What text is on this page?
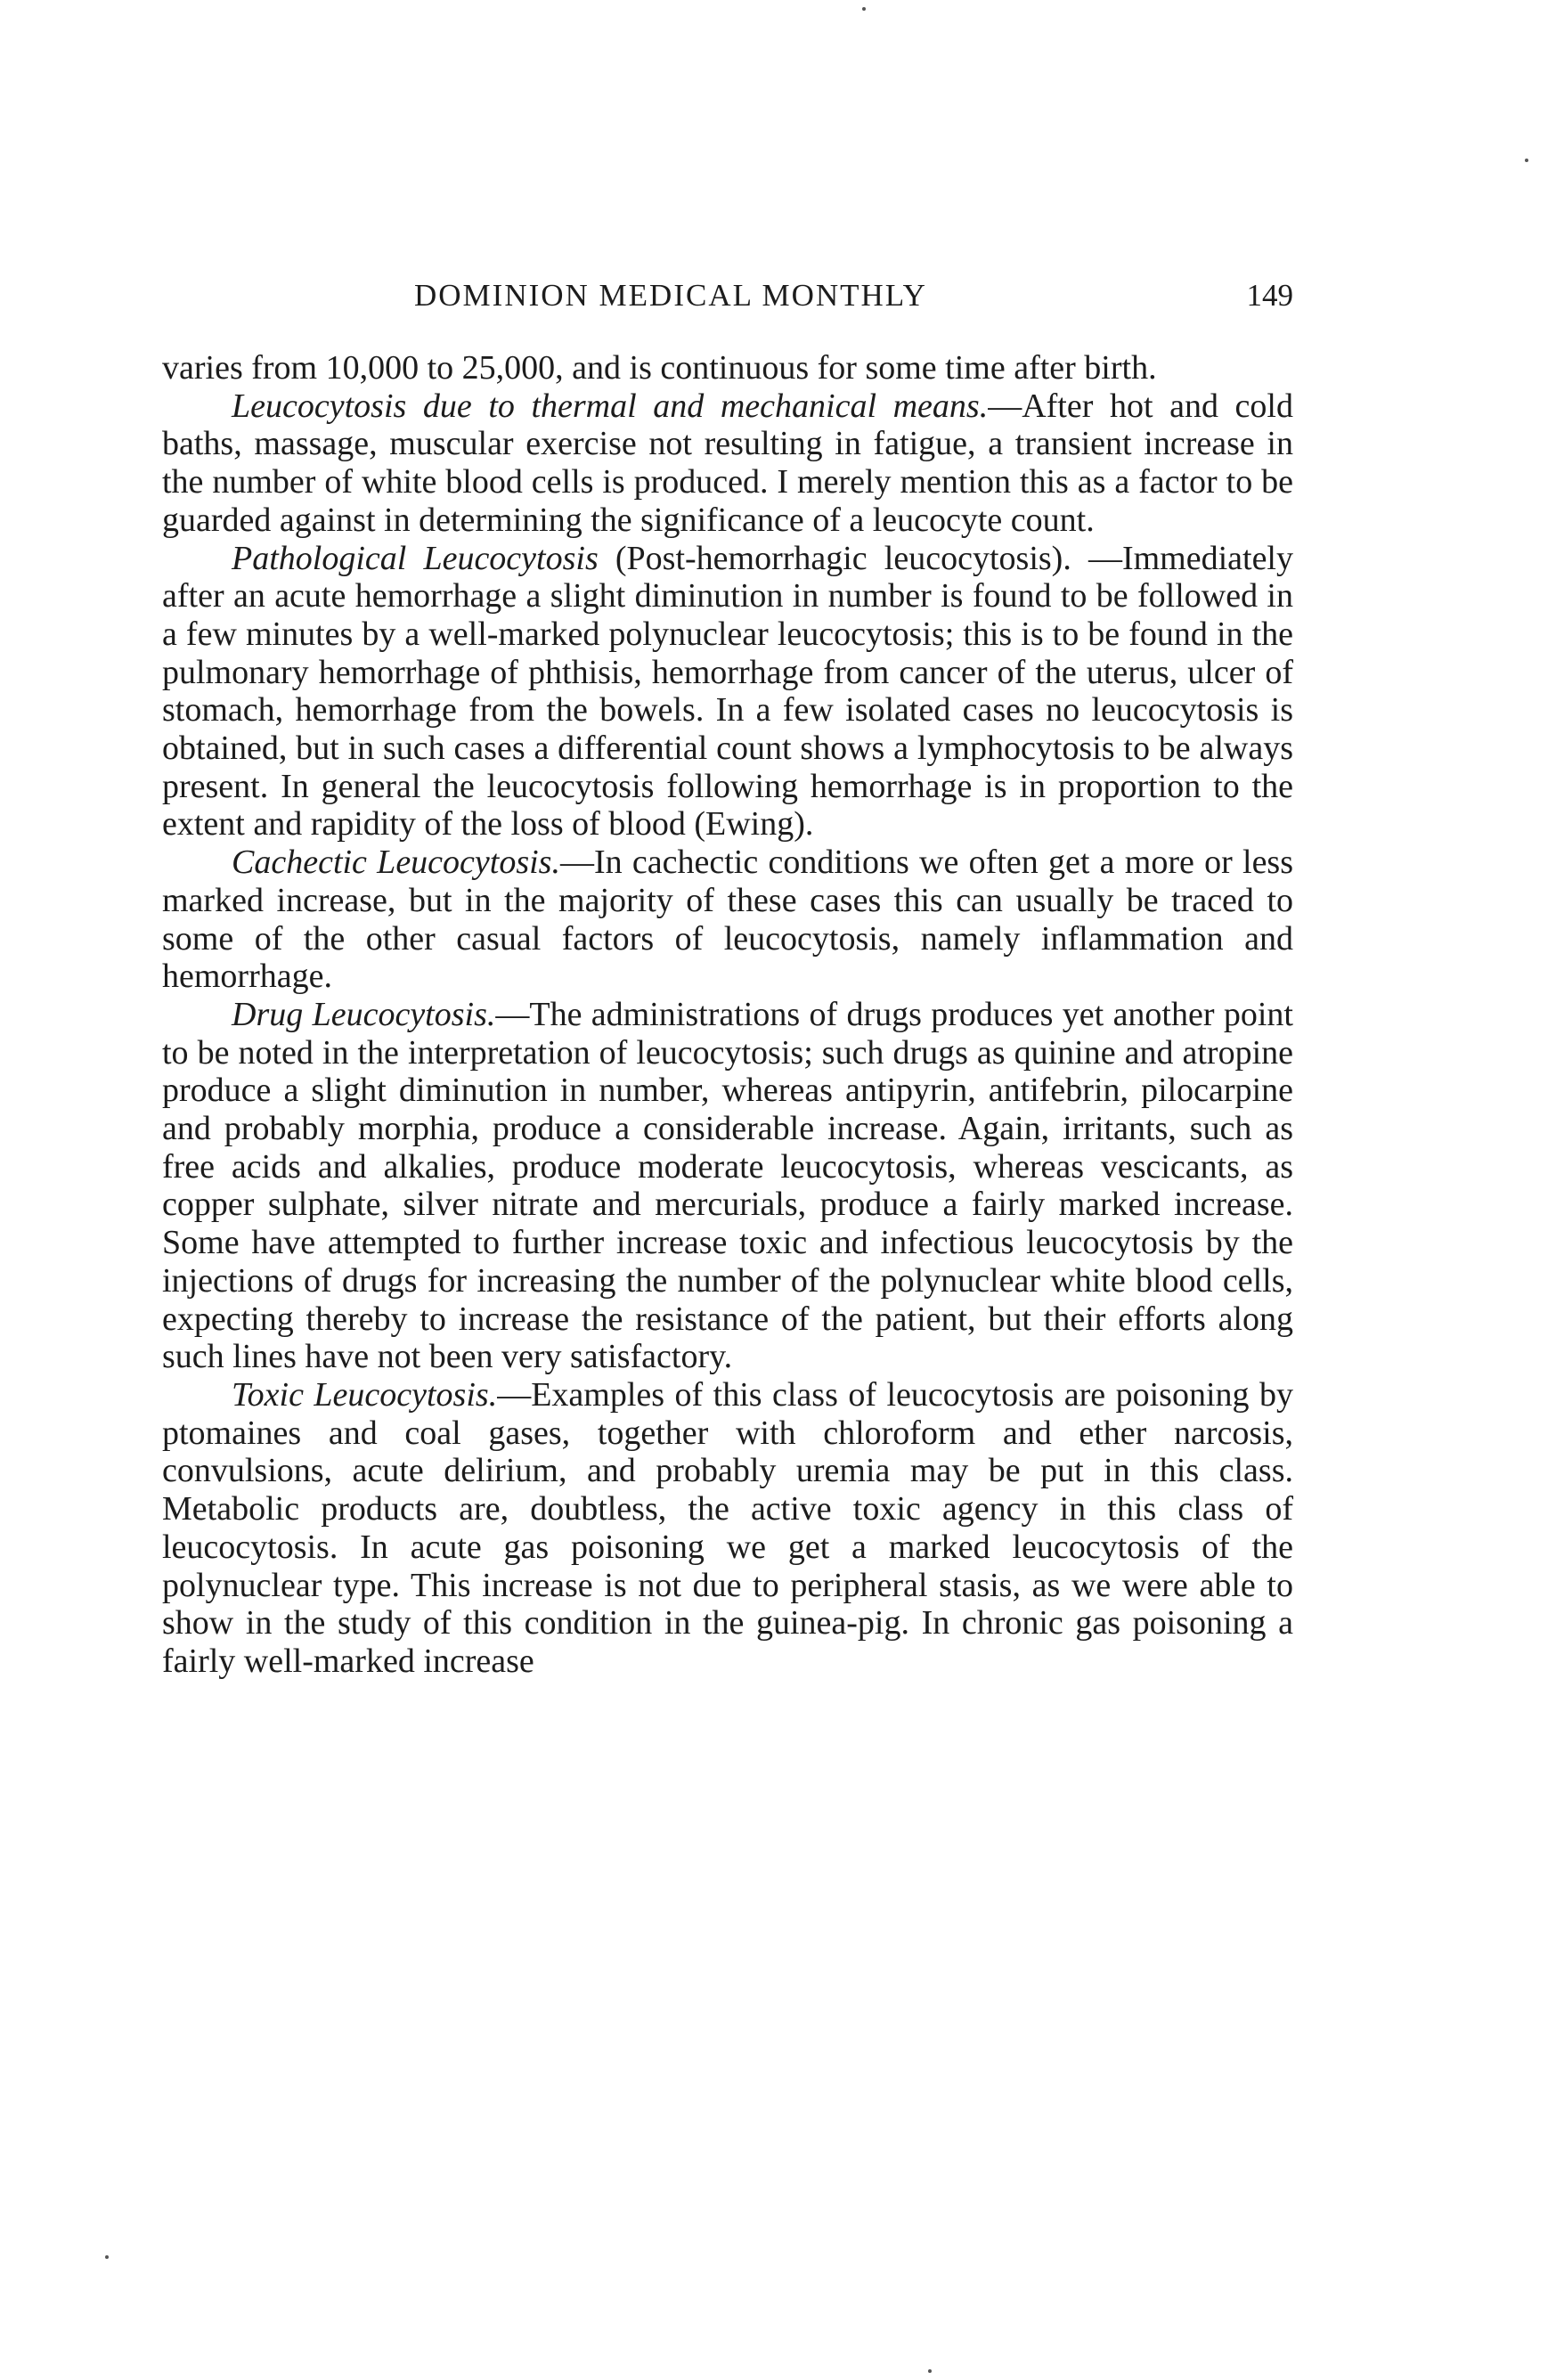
DOMINION MEDICAL MONTHLY	149

varies from 10,000 to 25,000, and is continuous for some time after birth.

Leucocytosis due to thermal and mechanical means.—After hot and cold baths, massage, muscular exercise not resulting in fatigue, a transient increase in the number of white blood cells is produced. I merely mention this as a factor to be guarded against in determining the significance of a leucocyte count.

Pathological Leucocytosis (Post-hemorrhagic leucocytosis). —Immediately after an acute hemorrhage a slight diminution in number is found to be followed in a few minutes by a well-marked polynuclear leucocytosis; this is to be found in the pulmonary hemorrhage of phthisis, hemorrhage from cancer of the uterus, ulcer of stomach, hemorrhage from the bowels. In a few isolated cases no leucocytosis is obtained, but in such cases a differential count shows a lymphocytosis to be always present. In general the leucocytosis following hemorrhage is in proportion to the extent and rapidity of the loss of blood (Ewing).

Cachectic Leucocytosis.—In cachectic conditions we often get a more or less marked increase, but in the majority of these cases this can usually be traced to some of the other casual factors of leucocytosis, namely inflammation and hemorrhage.

Drug Leucocytosis.—The administrations of drugs produces yet another point to be noted in the interpretation of leucocytosis; such drugs as quinine and atropine produce a slight diminution in number, whereas antipyrin, antifebrin, pilocarpine and probably morphia, produce a considerable increase. Again, irritants, such as free acids and alkalies, produce moderate leucocytosis, whereas vescicants, as copper sulphate, silver nitrate and mercurials, produce a fairly marked increase. Some have attempted to further increase toxic and infectious leucocytosis by the injections of drugs for increasing the number of the polynuclear white blood cells, expecting thereby to increase the resistance of the patient, but their efforts along such lines have not been very satisfactory.

Toxic Leucocytosis.—Examples of this class of leucocytosis are poisoning by ptomaines and coal gases, together with chloroform and ether narcosis, convulsions, acute delirium, and probably uremia may be put in this class. Metabolic products are, doubtless, the active toxic agency in this class of leucocytosis. In acute gas poisoning we get a marked leucocytosis of the polynuclear type. This increase is not due to peripheral stasis, as we were able to show in the study of this condition in the guinea-pig. In chronic gas poisoning a fairly well-marked increase
